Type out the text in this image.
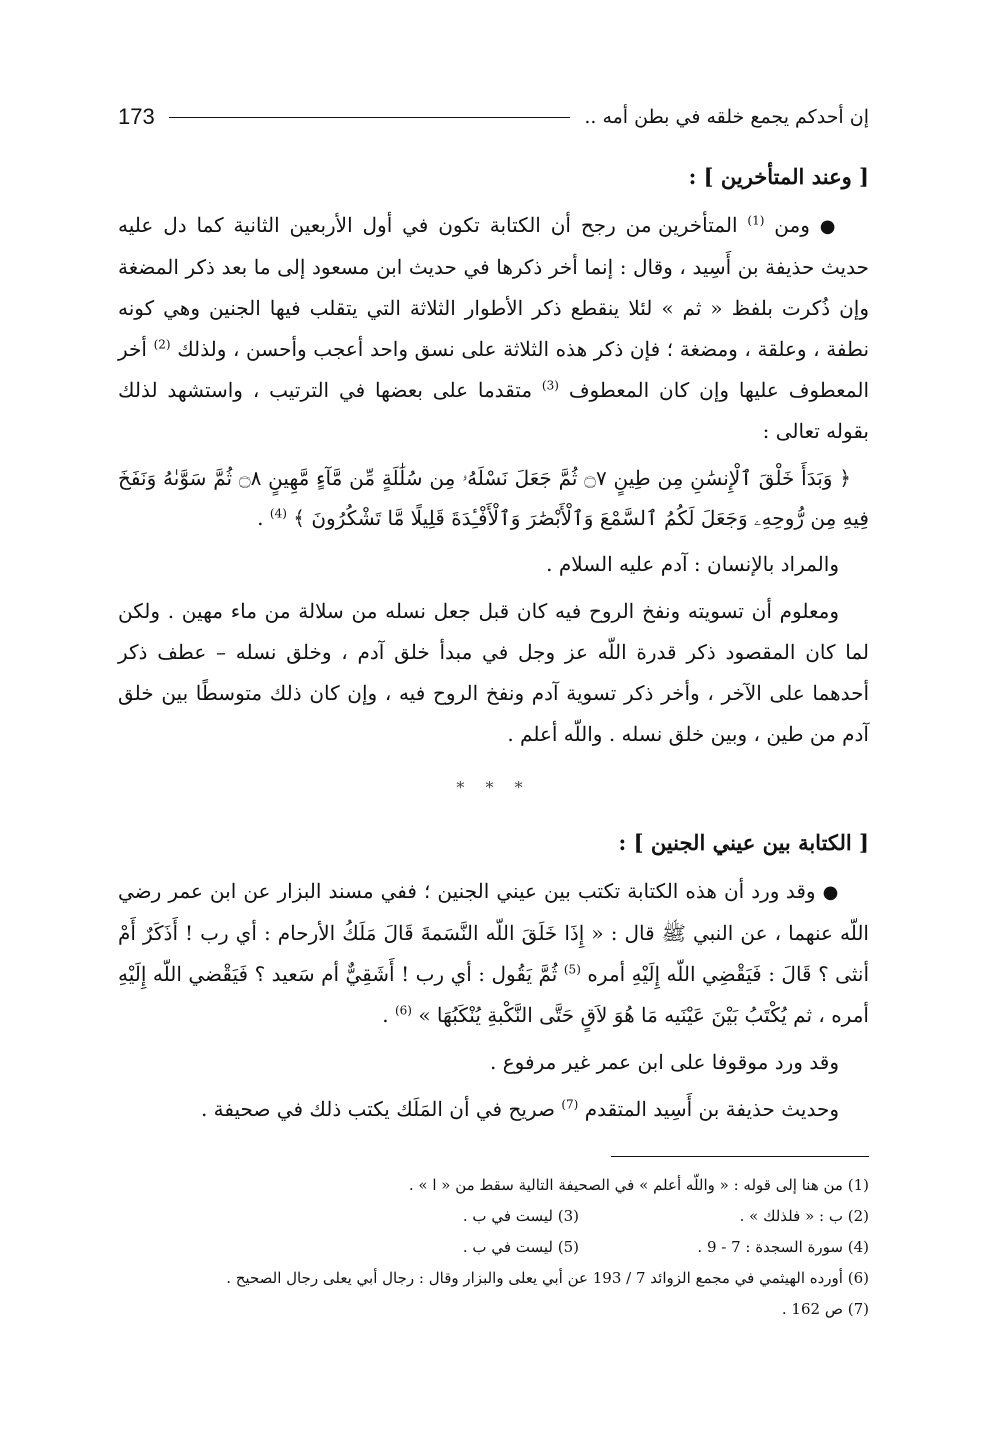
إن أحدكم يجمع خلقه في بطن أمه ..
173
[ وعند المتأخرين ] :

● ومن $^{(1)}$ المتأخرين من رجح أن الكتابة تكون في أول الأربعين الثانية كما دل عليه حديث حذيفة بن أَسِيد ، وقال : إنما أخر ذكرها في حديث ابن مسعود إلى ما بعد ذكر المضغة وإن ذُكرت بلفظ « ثم » لئلا ينقطع ذكر الأطوار الثلاثة التي يتقلب فيها الجنين وهي كونه نطفة ، وعلقة ، ومضغة ؛ فإن ذكر هذه الثلاثة على نسق واحد أعجب وأحسن ، ولذلك $^{(2)}$ أخر المعطوف عليها وإن كان المعطوف $^{(3)}$ متقدما على بعضها في الترتيب ، واستشهد لذلك بقوله تعالى :

﴿ وَبَدَأَ خَلْقَ ٱلْإِنسَٰنِ مِن طِينٍ ۝٧ ثُمَّ جَعَلَ نَسْلَهُۥ مِن سُلَٰلَةٍ مِّن مَّآءٍ مَّهِينٍ ۝٨ ثُمَّ سَوَّىٰهُ وَنَفَخَ فِيهِ مِن رُّوحِهِۦ وَجَعَلَ لَكُمُ ٱلسَّمْعَ وَٱلْأَبْصَٰرَ وَٱلْأَفْـِٔدَةَ قَلِيلًا مَّا تَشْكُرُونَ ﴾ $^{(4)}$ .

والمراد بالإنسان : آدم عليه السلام .

ومعلوم أن تسويته ونفخ الروح فيه كان قبل جعل نسله من سلالة من ماء مهين . ولكن لما كان المقصود ذكر قدرة اللّه عز وجل في مبدأ خلق آدم ، وخلق نسله – عطف ذكر أحدهما على الآخر ، وأخر ذكر تسوية آدم ونفخ الروح فيه ، وإن كان ذلك متوسطًا بين خلق آدم من طين ، وبين خلق نسله . واللّه أعلم .

* * *
[ الكتابة بين عيني الجنين ] :

● وقد ورد أن هذه الكتابة تكتب بين عيني الجنين ؛ ففي مسند البزار عن ابن عمر رضي اللّه عنهما ، عن النبي ﷺ قال : « إِذَا خَلَقَ اللّه النَّسَمةَ قَالَ مَلَكُ الأرحام : أي رب ! أَذَكَرٌ أَمْ أنثى ؟ قَالَ : فَيَقْضِي اللّه إِلَيْهِ أمره $^{(5)}$ ثُمَّ يَقُول : أي رب ! أَشَقِيٌّ أم سَعيد ؟ فَيَقْضي اللّه إِلَيْهِ أمره ، ثم يُكْتَبُ بَيْنَ عَيْنَيه مَا هُوَ لاَقٍ حَتَّى النَّكْبةِ يُنْكَبُهَا » $^{(6)}$ .

وقد ورد موقوفا على ابن عمر غير مرفوع .

وحديث حذيفة بن أَسِيد المتقدم $^{(7)}$ صريح في أن المَلَك يكتب ذلك في صحيفة .

(1) من هنا إلى قوله : « واللّه أعلم » في الصحيفة التالية سقط من « ا » .
(2) ب : « فلذلك » .
(3) ليست في ب .
(4) سورة السجدة : 7 - 9 .
(5) ليست في ب .
(6) أورده الهيثمي في مجمع الزوائد 7 / 193 عن أبي يعلى والبزار وقال : رجال أبي يعلى رجال الصحيح .
(7) ص 162 .
